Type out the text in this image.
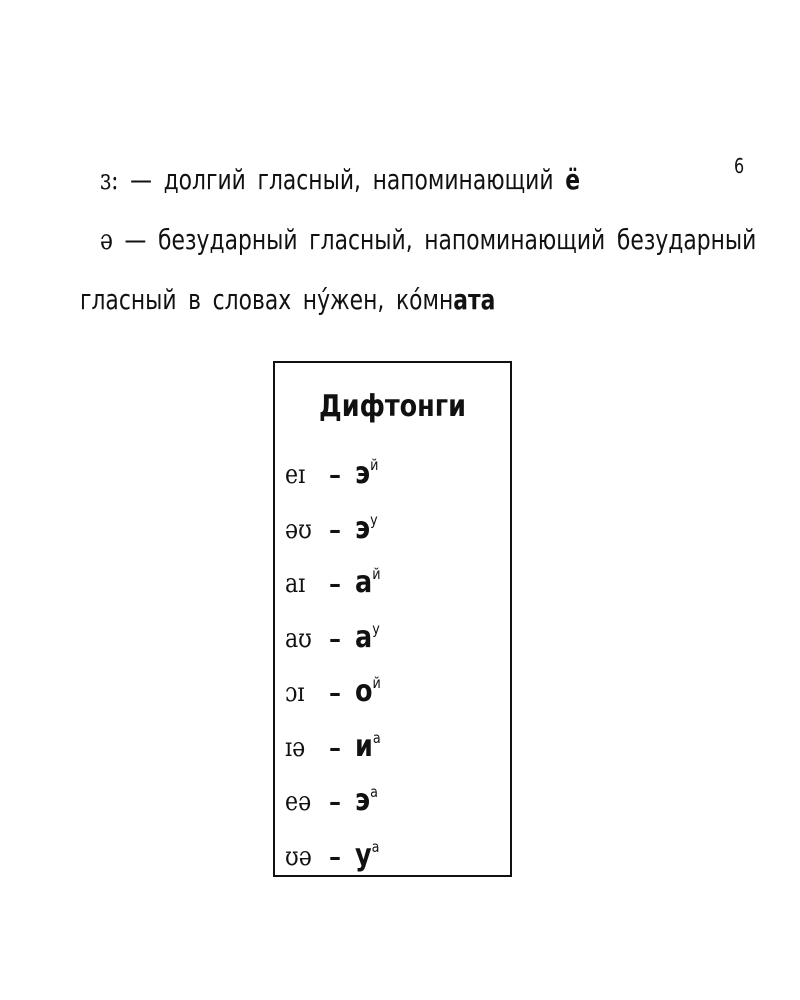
6
ɜ: — долгий гласный, напоминающий ё
ə — безударный гласный, напоминающий безударный
гласный в словах ну́жен, ко́мната
Дифтонги
eɪ – $э^й$
əʊ – $э^у$
aɪ – $а^й$
aʊ – $а^у$
ɔɪ – $о^й$
ɪə – $и^а$
eə – $э^а$
ʊə – $у^а$
